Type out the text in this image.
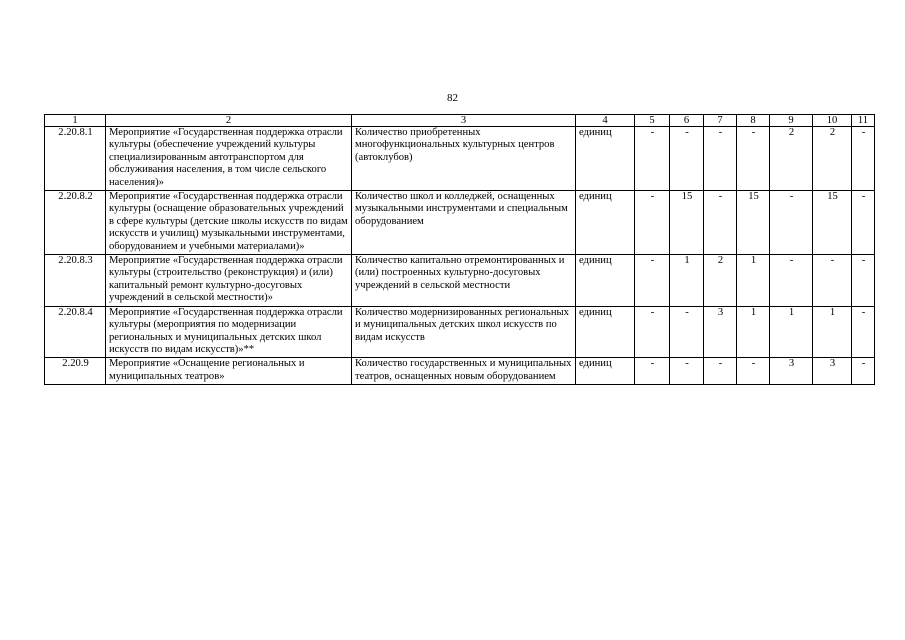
82
1	2	3	4	5	6	7	8	9	10	11
2.20.8.1	Мероприятие «Государственная поддержка отрасли культуры (обеспечение учреждений культуры специализированным автотранспортом для обслуживания населения, в том числе сельского населения)»	Количество приобретенных многофункциональных культурных центров (автоклубов)	единиц	-	-	-	-	2	2	-
2.20.8.2	Мероприятие «Государственная поддержка отрасли культуры (оснащение образовательных учреждений в сфере культуры (детские школы искусств по видам искусств и училищ) музыкальными инструментами, оборудованием и учебными материалами)»	Количество школ и колледжей, оснащенных музыкальными инструментами и специальным оборудованием	единиц	-	15	-	15	-	15	-
2.20.8.3	Мероприятие «Государственная поддержка отрасли культуры (строительство (реконструкция) и (или) капитальный ремонт культурно-досуговых учреждений в сельской местности)»	Количество капитально отремонтированных и (или) построенных культурно-досуговых учреждений в сельской местности	единиц	-	1	2	1	-	-	-
2.20.8.4	Мероприятие «Государственная поддержка отрасли культуры (мероприятия по модернизации региональных и муниципальных детских школ искусств по видам искусств)»**	Количество модернизированных региональных и муниципальных детских школ искусств по видам искусств	единиц	-	-	3	1	1	1	-
2.20.9	Мероприятие «Оснащение региональных и муниципальных театров»	Количество государственных и муниципальных театров, оснащенных новым оборудованием	единиц	-	-	-	-	3	3	-
